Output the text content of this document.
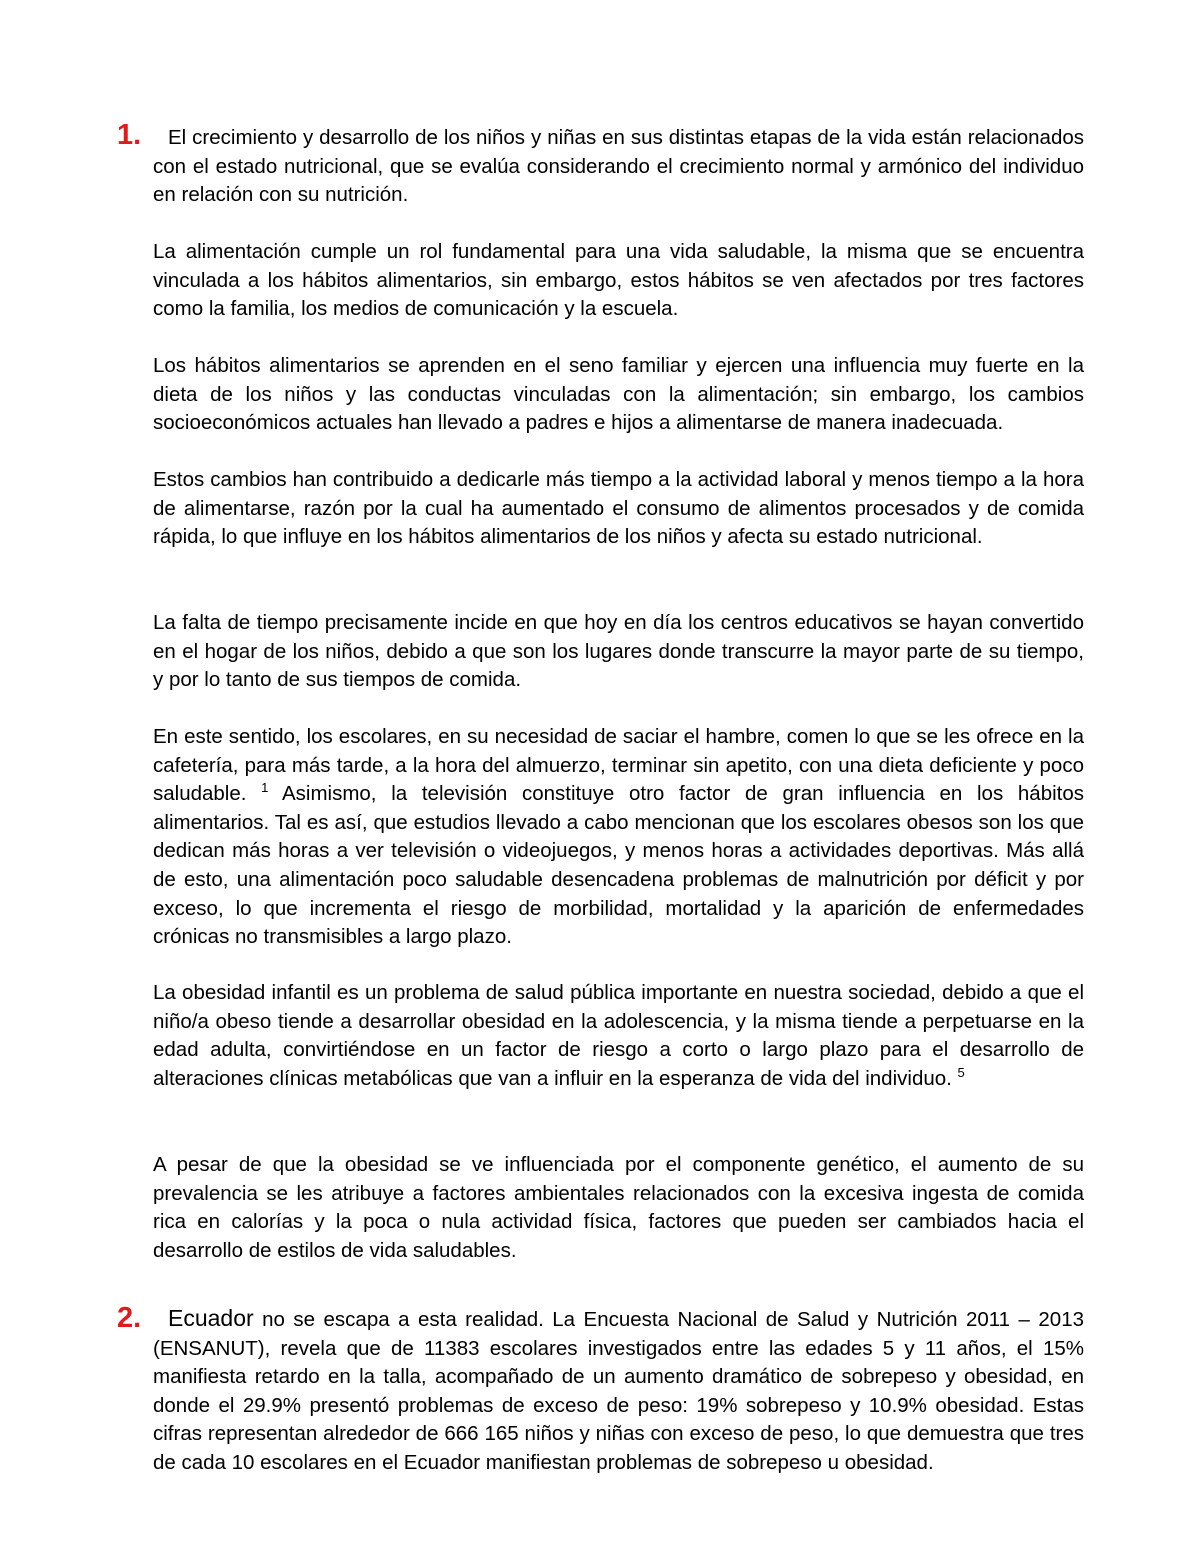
1.	El crecimiento y desarrollo de los niños y niñas en sus distintas etapas de la vida están relacionados con el estado nutricional, que se evalúa considerando el crecimiento normal y armónico del individuo en relación con su nutrición.

La alimentación cumple un rol fundamental para una vida saludable, la misma que se encuentra vinculada a los hábitos alimentarios, sin embargo, estos hábitos se ven afectados por tres factores como la familia, los medios de comunicación y la escuela.

Los hábitos alimentarios se aprenden en el seno familiar y ejercen una influencia muy fuerte en la dieta de los niños y las conductas vinculadas con la alimentación; sin embargo, los cambios socioeconómicos actuales han llevado a padres e hijos a alimentarse de manera inadecuada.

Estos cambios han contribuido a dedicarle más tiempo a la actividad laboral y menos tiempo a la hora de alimentarse, razón por la cual ha aumentado el consumo de alimentos procesados y de comida rápida, lo que influye en los hábitos alimentarios de los niños y afecta su estado nutricional.

La falta de tiempo precisamente incide en que hoy en día los centros educativos se hayan convertido en el hogar de los niños, debido a que son los lugares donde transcurre la mayor parte de su tiempo, y por lo tanto de sus tiempos de comida.

En este sentido, los escolares, en su necesidad de saciar el hambre, comen lo que se les ofrece en la cafetería, para más tarde, a la hora del almuerzo, terminar sin apetito, con una dieta deficiente y poco saludable. $^1$ Asimismo, la televisión constituye otro factor de gran influencia en los hábitos alimentarios. Tal es así, que estudios llevado a cabo mencionan que los escolares obesos son los que dedican más horas a ver televisión o videojuegos, y menos horas a actividades deportivas. Más allá de esto, una alimentación poco saludable desencadena problemas de malnutrición por déficit y por exceso, lo que incrementa el riesgo de morbilidad, mortalidad y la aparición de enfermedades crónicas no transmisibles a largo plazo.

La obesidad infantil es un problema de salud pública importante en nuestra sociedad, debido a que el niño/a obeso tiende a desarrollar obesidad en la adolescencia, y la misma tiende a perpetuarse en la edad adulta, convirtiéndose en un factor de riesgo a corto o largo plazo para el desarrollo de alteraciones clínicas metabólicas que van a influir en la esperanza de vida del individuo. $^5$

A pesar de que la obesidad se ve influenciada por el componente genético, el aumento de su prevalencia se les atribuye a factores ambientales relacionados con la excesiva ingesta de comida rica en calorías y la poca o nula actividad física, factores que pueden ser cambiados hacia el desarrollo de estilos de vida saludables.

2.	Ecuador no se escapa a esta realidad. La Encuesta Nacional de Salud y Nutrición 2011 – 2013 (ENSANUT), revela que de 11383 escolares investigados entre las edades 5 y 11 años, el 15% manifiesta retardo en la talla, acompañado de un aumento dramático de sobrepeso y obesidad, en donde el 29.9% presentó problemas de exceso de peso: 19% sobrepeso y 10.9% obesidad. Estas cifras representan alrededor de 666 165 niños y niñas con exceso de peso, lo que demuestra que tres de cada 10 escolares en el Ecuador manifiestan problemas de sobrepeso u obesidad.
